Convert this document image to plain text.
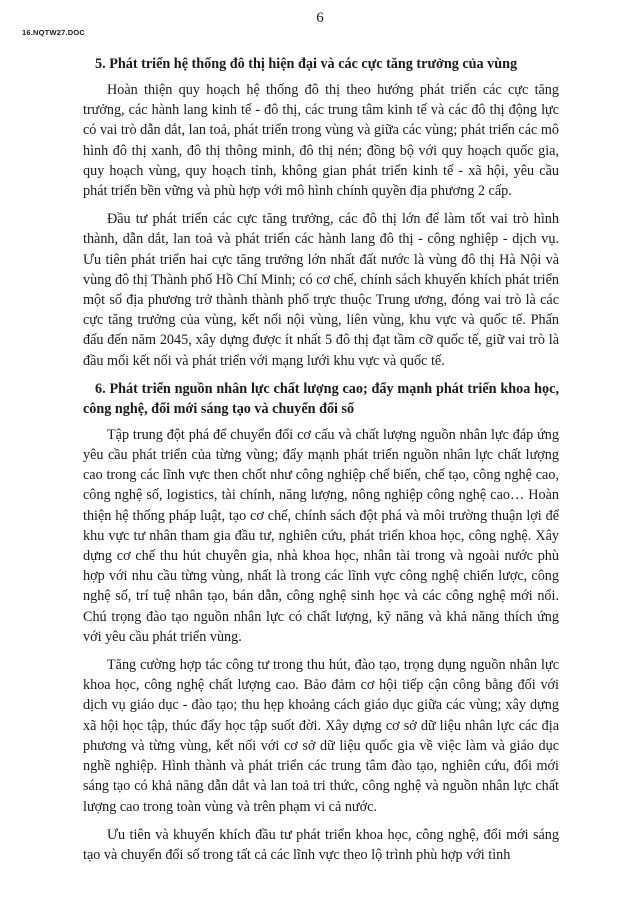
16.NQTW27.DOC
6
5. Phát triển hệ thống đô thị hiện đại và các cực tăng trưởng của vùng

Hoàn thiện quy hoạch hệ thống đô thị theo hướng phát triển các cực tăng trưởng, các hành lang kinh tế - đô thị, các trung tâm kinh tế và các đô thị động lực có vai trò dẫn dắt, lan toả, phát triển trong vùng và giữa các vùng; phát triển các mô hình đô thị xanh, đô thị thông minh, đô thị nén; đồng bộ với quy hoạch quốc gia, quy hoạch vùng, quy hoạch tỉnh, không gian phát triển kinh tế - xã hội, yêu cầu phát triển bền vững và phù hợp với mô hình chính quyền địa phương 2 cấp.

Đầu tư phát triển các cực tăng trưởng, các đô thị lớn để làm tốt vai trò hình thành, dẫn dắt, lan toả và phát triển các hành lang đô thị - công nghiệp - dịch vụ. Ưu tiên phát triển hai cực tăng trưởng lớn nhất đất nước là vùng đô thị Hà Nội và vùng đô thị Thành phố Hồ Chí Minh; có cơ chế, chính sách khuyến khích phát triển một số địa phương trở thành thành phố trực thuộc Trung ương, đóng vai trò là các cực tăng trưởng của vùng, kết nối nội vùng, liên vùng, khu vực và quốc tế. Phấn đấu đến năm 2045, xây dựng được ít nhất 5 đô thị đạt tầm cỡ quốc tế, giữ vai trò là đầu mối kết nối và phát triển với mạng lưới khu vực và quốc tế.

6. Phát triển nguồn nhân lực chất lượng cao; đẩy mạnh phát triển khoa học, công nghệ, đổi mới sáng tạo và chuyển đổi số

Tập trung đột phá để chuyển đổi cơ cấu và chất lượng nguồn nhân lực đáp ứng yêu cầu phát triển của từng vùng; đẩy mạnh phát triển nguồn nhân lực chất lượng cao trong các lĩnh vực then chốt như công nghiệp chế biến, chế tạo, công nghệ cao, công nghệ số, logistics, tài chính, năng lượng, nông nghiệp công nghệ cao… Hoàn thiện hệ thống pháp luật, tạo cơ chế, chính sách đột phá và môi trường thuận lợi để khu vực tư nhân tham gia đầu tư, nghiên cứu, phát triển khoa học, công nghệ. Xây dựng cơ chế thu hút chuyên gia, nhà khoa học, nhân tài trong và ngoài nước phù hợp với nhu cầu từng vùng, nhất là trong các lĩnh vực công nghệ chiến lược, công nghệ số, trí tuệ nhân tạo, bán dẫn, công nghệ sinh học và các công nghệ mới nổi. Chú trọng đào tạo nguồn nhân lực có chất lượng, kỹ năng và khả năng thích ứng với yêu cầu phát triển vùng.

Tăng cường hợp tác công tư trong thu hút, đào tạo, trọng dụng nguồn nhân lực khoa học, công nghệ chất lượng cao. Bảo đảm cơ hội tiếp cận công bằng đối với dịch vụ giáo dục - đào tạo; thu hẹp khoảng cách giáo dục giữa các vùng; xây dựng xã hội học tập, thúc đẩy học tập suốt đời. Xây dựng cơ sở dữ liệu nhân lực các địa phương và từng vùng, kết nối với cơ sở dữ liệu quốc gia về việc làm và giáo dục nghề nghiệp. Hình thành và phát triển các trung tâm đào tạo, nghiên cứu, đổi mới sáng tạo có khả năng dẫn dắt và lan toả tri thức, công nghệ và nguồn nhân lực chất lượng cao trong toàn vùng và trên phạm vi cả nước.

Ưu tiên và khuyến khích đầu tư phát triển khoa học, công nghệ, đổi mới sáng tạo và chuyển đổi số trong tất cả các lĩnh vực theo lộ trình phù hợp với tình
